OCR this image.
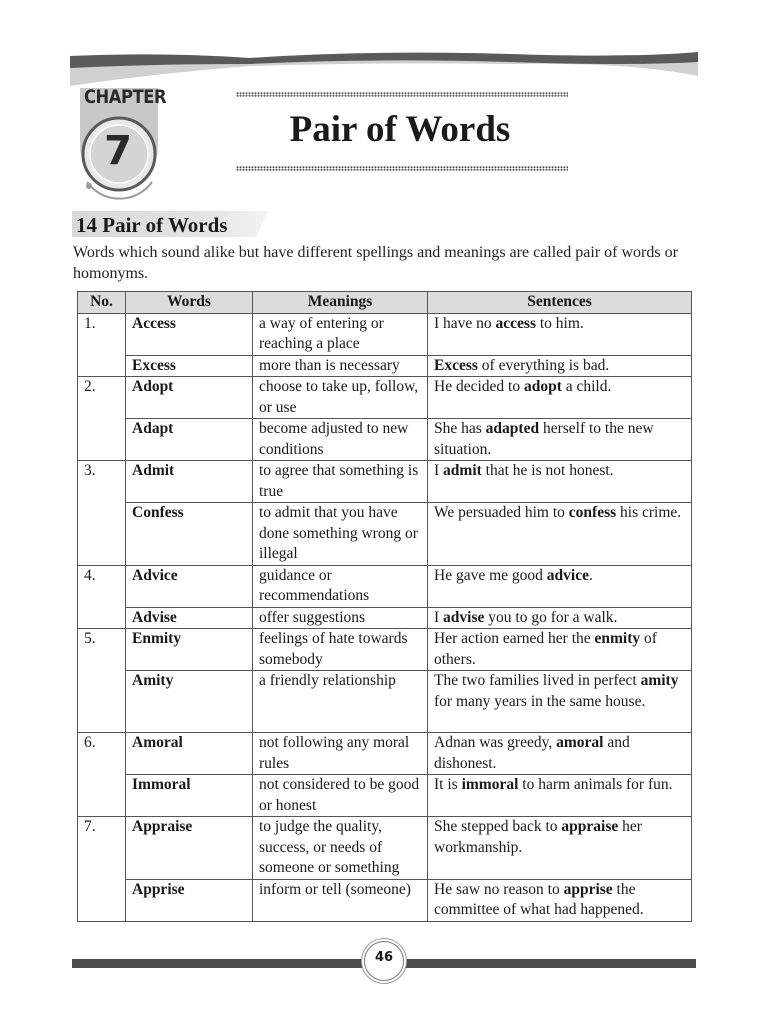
CHAPTER
7	Pair of Words
14 Pair of Words
Words which sound alike but have different spellings and meanings are called pair of words or homonyms.
No.	Words	Meanings	Sentences
1.	Access	a way of entering or reaching a place	I have no access to him.
	Excess	more than is necessary	Excess of everything is bad.
2.	Adopt	choose to take up, follow, or use	He decided to adopt a child.
	Adapt	become adjusted to new conditions	She has adapted herself to the new situation.
3.	Admit	to agree that something is true	I admit that he is not honest.
	Confess	to admit that you have done something wrong or illegal	We persuaded him to confess his crime.
4.	Advice	guidance or recommendations	He gave me good advice.
	Advise	offer suggestions	I advise you to go for a walk.
5.	Enmity	feelings of hate towards somebody	Her action earned her the enmity of others.
	Amity	a friendly relationship	The two families lived in perfect amity for many years in the same house.
6.	Amoral	not following any moral rules	Adnan was greedy, amoral and dishonest.
	Immoral	not considered to be good or honest	It is immoral to harm animals for fun.
7.	Appraise	to judge the quality, success, or needs of someone or something	She stepped back to appraise her workmanship.
	Apprise	inform or tell (someone)	He saw no reason to apprise the committee of what had happened.
46
